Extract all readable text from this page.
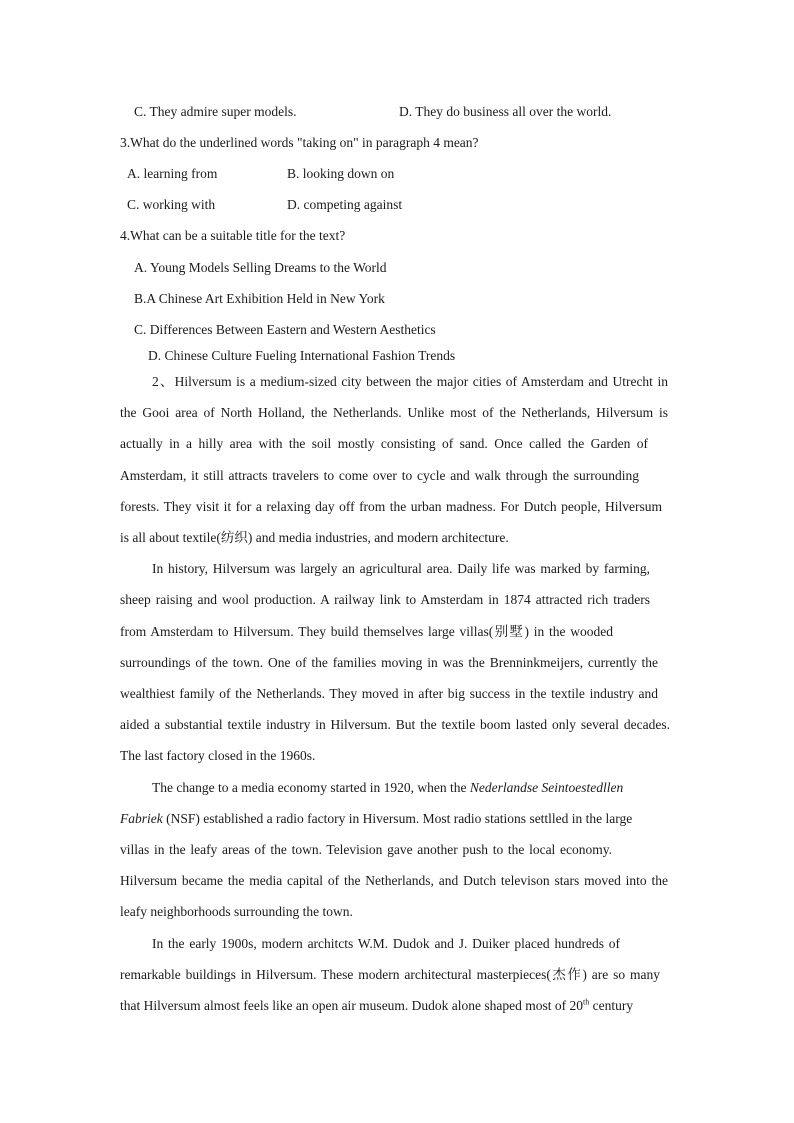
C. They admire super models.	D. They do business all over the world.
3.What do the underlined words "taking on" in paragraph 4 mean?
A. learning from	B. looking down on
C. working with	D. competing against
4.What can be a suitable title for the text?
A. Young Models Selling Dreams to the World
B.A Chinese Art Exhibition Held in New York
C. Differences Between Eastern and Western Aesthetics
D. Chinese Culture Fueling International Fashion Trends
2、Hilversum is a medium-sized city between the major cities of Amsterdam and Utrecht in
the Gooi area of North Holland, the Netherlands. Unlike most of the Netherlands, Hilversum is
actually in a hilly area with the soil mostly consisting of sand. Once called the Garden of
Amsterdam, it still attracts travelers to come over to cycle and walk through the surrounding
forests. They visit it for a relaxing day off from the urban madness. For Dutch people, Hilversum
is all about textile(纺织) and media industries, and modern architecture.
In history, Hilversum was largely an agricultural area. Daily life was marked by farming,
sheep raising and wool production. A railway link to Amsterdam in 1874 attracted rich traders
from Amsterdam to Hilversum. They build themselves large villas(别墅) in the wooded
surroundings of the town. One of the families moving in was the Brenninkmeijers, currently the
wealthiest family of the Netherlands. They moved in after big success in the textile industry and
aided a substantial textile industry in Hilversum. But the textile boom lasted only several decades.
The last factory closed in the 1960s.
The change to a media economy started in 1920, when the Nederlandse Seintoestedllen
Fabriek (NSF) established a radio factory in Hiversum. Most radio stations settlled in the large
villas in the leafy areas of the town. Television gave another push to the local economy.
Hilversum became the media capital of the Netherlands, and Dutch televison stars moved into the
leafy neighborhoods surrounding the town.
In the early 1900s, modern architcts W.M. Dudok and J. Duiker placed hundreds of
remarkable buildings in Hilversum. These modern architectural masterpieces(杰作) are so many
that Hilversum almost feels like an open air museum. Dudok alone shaped most of 20th century
